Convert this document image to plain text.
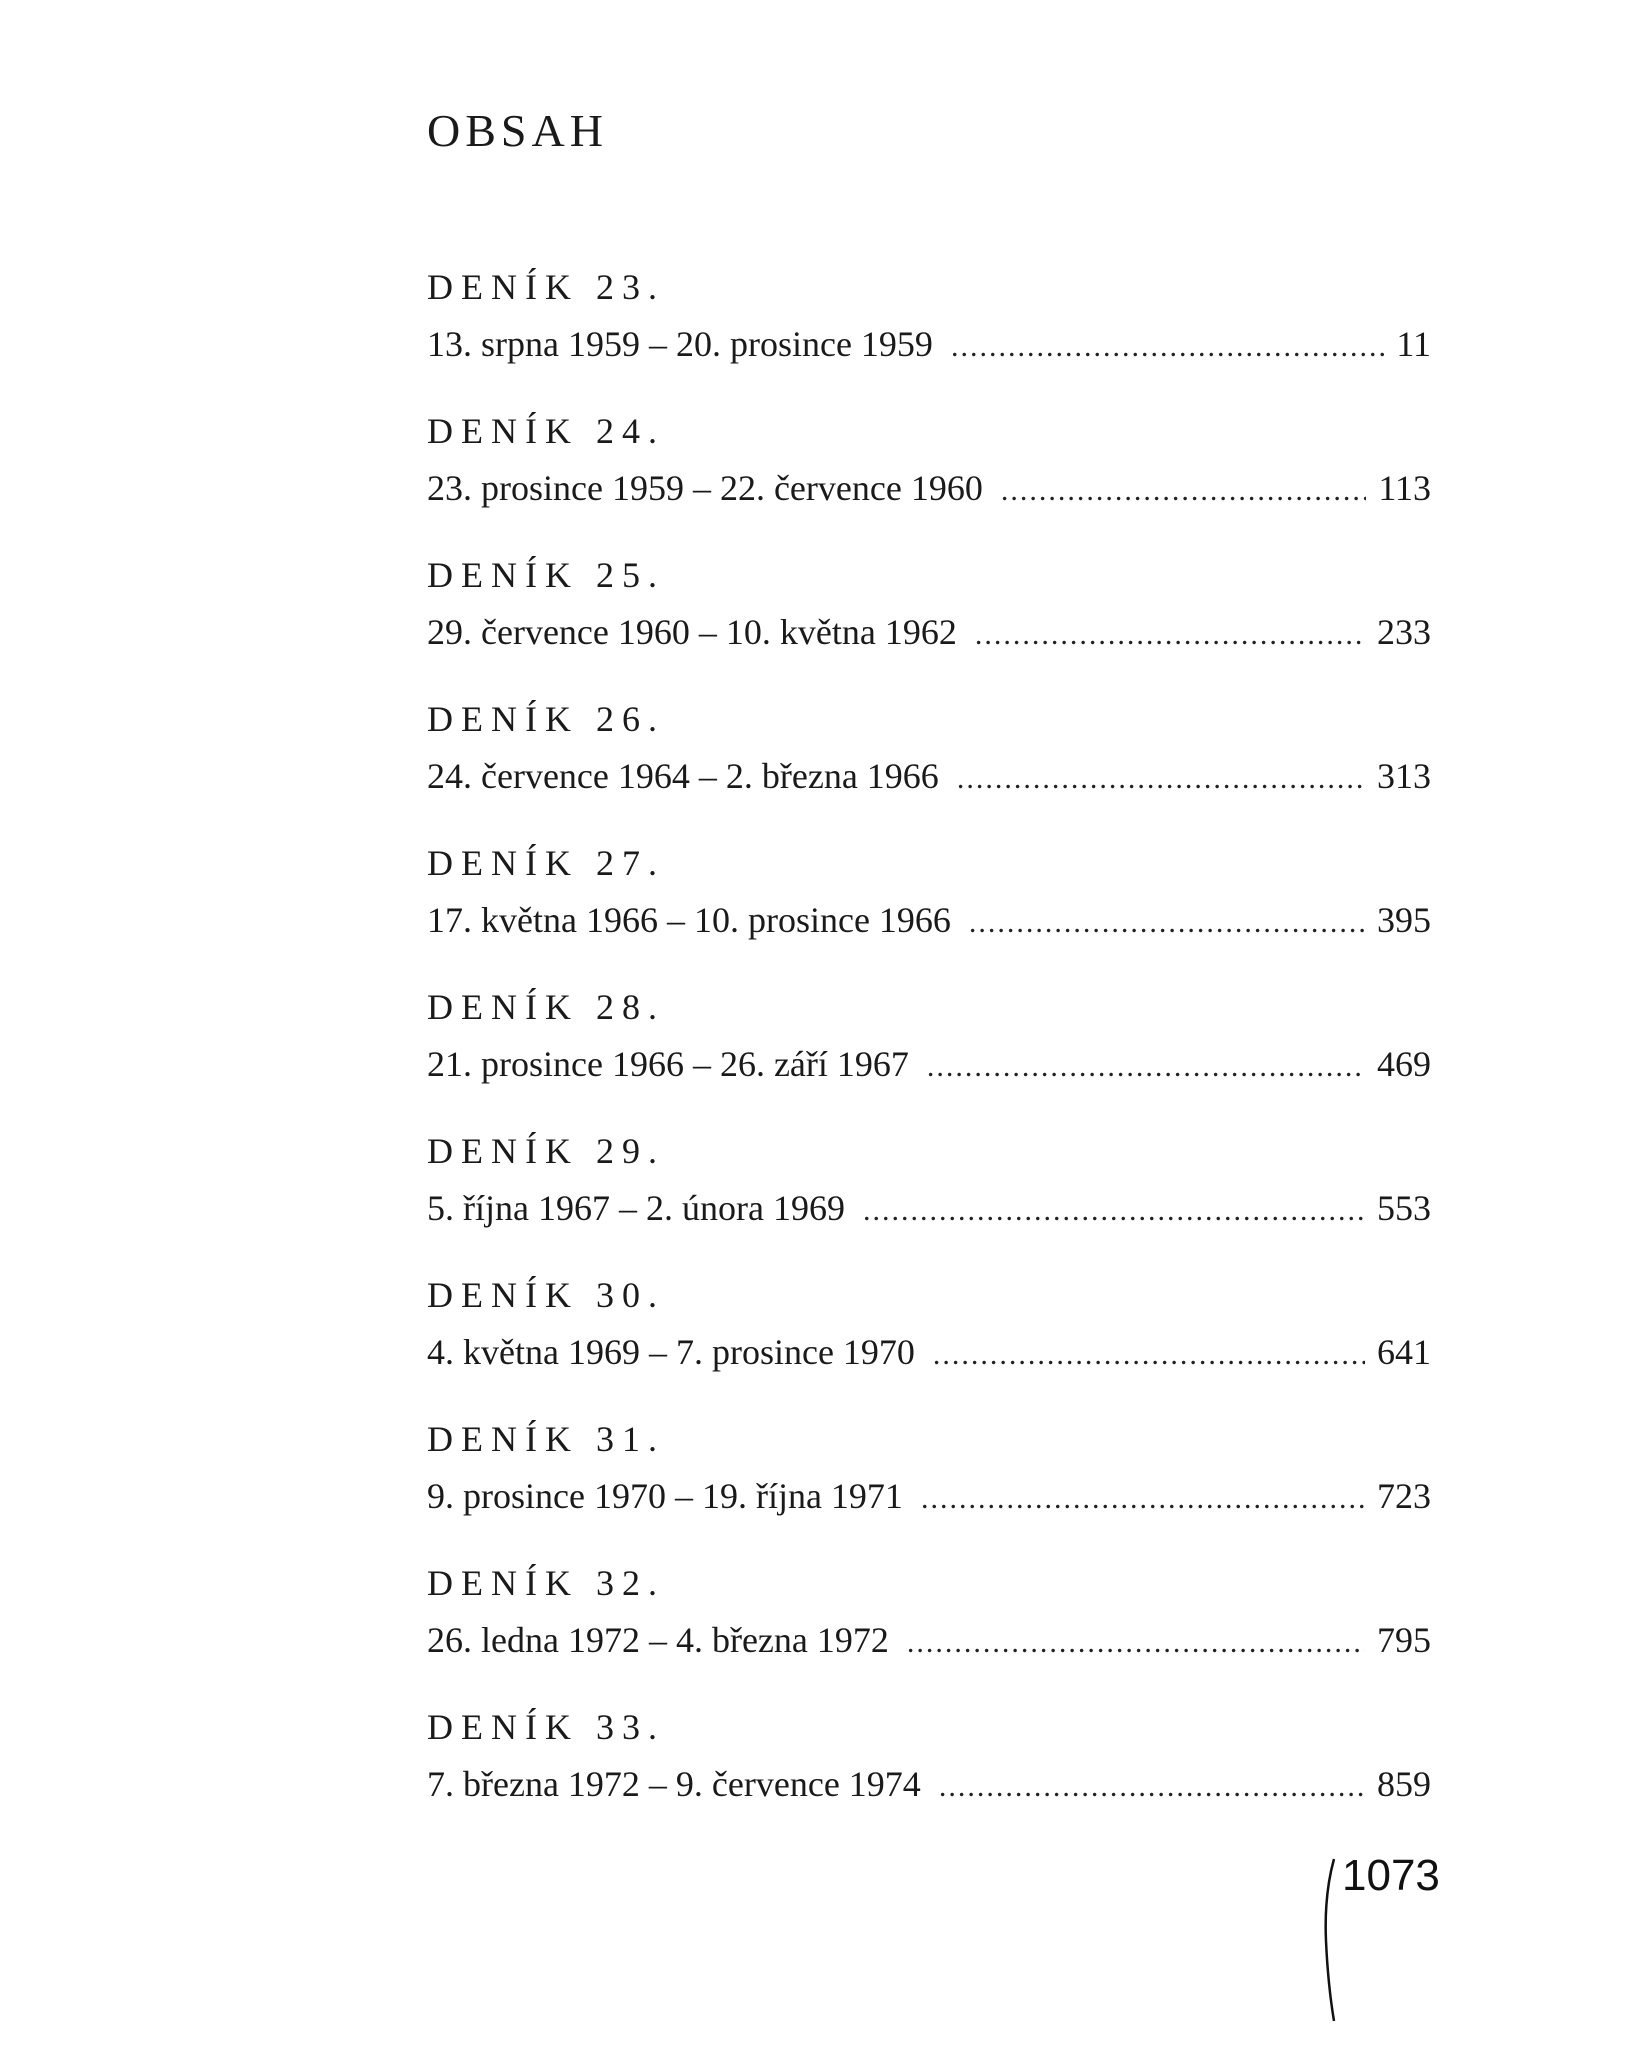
OBSAH
DENÍK 23.
13. srpna 1959 – 20. prosince 1959 .....	11
DENÍK 24.
23. prosince 1959 – 22. července 1960 .....	113
DENÍK 25.
29. července 1960 – 10. května 1962 .....	233
DENÍK 26.
24. července 1964 – 2. března 1966 .....	313
DENÍK 27.
17. května 1966 – 10. prosince 1966 .....	395
DENÍK 28.
21. prosince 1966 – 26. září 1967 .....	469
DENÍK 29.
5. října 1967 – 2. února 1969 .....	553
DENÍK 30.
4. května 1969 – 7. prosince 1970 .....	641
DENÍK 31.
9. prosince 1970 – 19. října 1971 .....	723
DENÍK 32.
26. ledna 1972 – 4. března 1972 .....	795
DENÍK 33.
7. března 1972 – 9. července 1974 .....	859
1073
